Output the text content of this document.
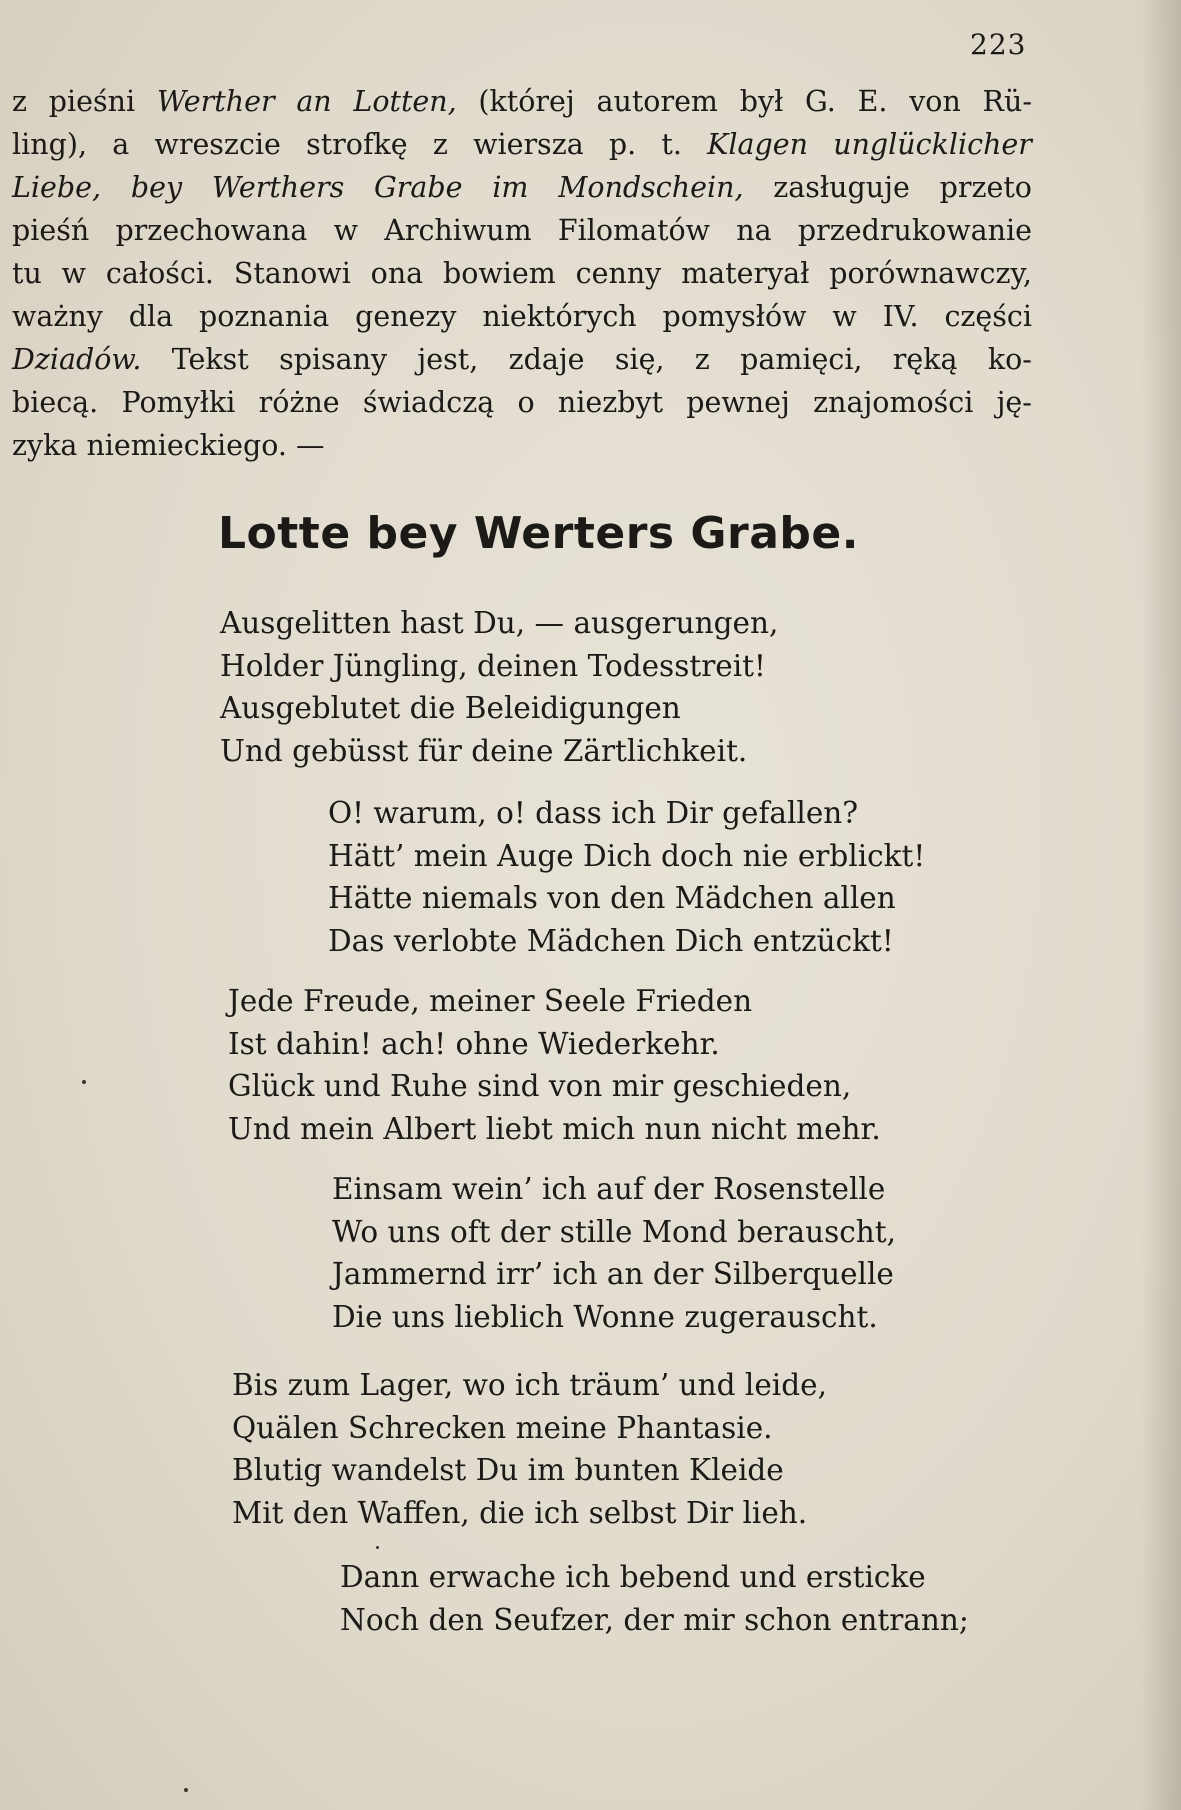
223
z pieśni Werther an Lotten, (której autorem był G. E. von Rü-
ling), a wreszcie strofkę z wiersza p. t. Klagen unglücklicher
Liebe, bey Werthers Grabe im Mondschein, zasługuje przeto
pieśń przechowana w Archiwum Filomatów na przedrukowanie
tu w całości. Stanowi ona bowiem cenny materyał porównawczy,
ważny dla poznania genezy niektórych pomysłów w IV. części
Dziadów. Tekst spisany jest, zdaje się, z pamięci, ręką ko-
biecą. Pomyłki różne świadczą o niezbyt pewnej znajomości ję-
zyka niemieckiego. —
Lotte bey Werters Grabe.
Ausgelitten hast Du, — ausgerungen,
Holder Jüngling, deinen Todesstreit!
Ausgeblutet die Beleidigungen
Und gebüsst für deine Zärtlichkeit.
O! warum, o! dass ich Dir gefallen?
Hätt’ mein Auge Dich doch nie erblickt!
Hätte niemals von den Mädchen allen
Das verlobte Mädchen Dich entzückt!
Jede Freude, meiner Seele Frieden
Ist dahin! ach! ohne Wiederkehr.
Glück und Ruhe sind von mir geschieden,
Und mein Albert liebt mich nun nicht mehr.
Einsam wein’ ich auf der Rosenstelle
Wo uns oft der stille Mond berauscht,
Jammernd irr’ ich an der Silberquelle
Die uns lieblich Wonne zugerauscht.
Bis zum Lager, wo ich träum’ und leide,
Quälen Schrecken meine Phantasie.
Blutig wandelst Du im bunten Kleide
Mit den Waffen, die ich selbst Dir lieh.
Dann erwache ich bebend und ersticke
Noch den Seufzer, der mir schon entrann;
